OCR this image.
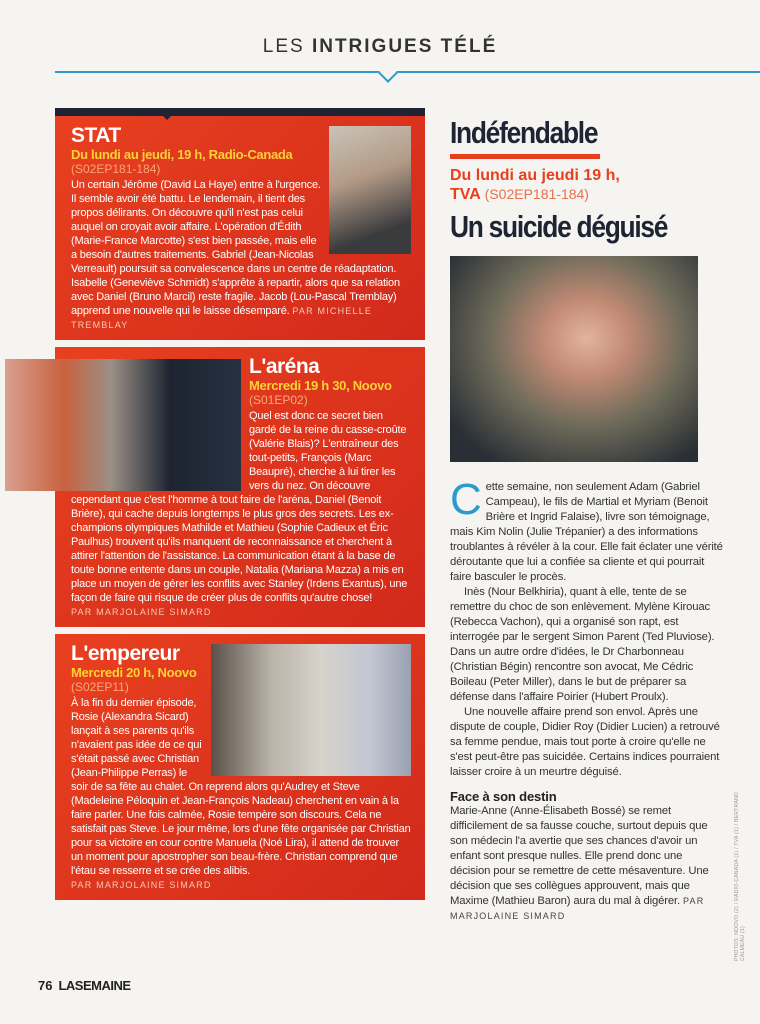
LES INTRIGUES TÉLÉ
STAT
Du lundi au jeudi, 19 h, Radio-Canada
(S02EP181-184)

Un certain Jérôme (David La Haye) entre à l'urgence. Il semble avoir été battu. Le lendemain, il tient des propos délirants. On découvre qu'il n'est pas celui auquel on croyait avoir affaire. L'opération d'Édith (Marie-France Marcotte) s'est bien passée, mais elle a besoin d'autres traitements. Gabriel (Jean-Nicolas Verreault) poursuit sa convalescence dans un centre de réadaptation. Isabelle (Geneviève Schmidt) s'apprête à repartir, alors que sa relation avec Daniel (Bruno Marcil) reste fragile. Jacob (Lou-Pascal Tremblay) apprend une nouvelle qui le laisse désemparé. PAR MICHELLE TREMBLAY

L'aréna
Mercredi 19 h 30, Noovo
(S01EP02)

Quel est donc ce secret bien gardé de la reine du casse-croûte (Valérie Blais)? L'entraîneur des tout-petits, François (Marc Beaupré), cherche à lui tirer les vers du nez. On découvre cependant que c'est l'homme à tout faire de l'aréna, Daniel (Benoit Brière), qui cache depuis longtemps le plus gros des secrets. Les ex-champions olympiques Mathilde et Mathieu (Sophie Cadieux et Éric Paulhus) trouvent qu'ils manquent de reconnaissance et cherchent à attirer l'attention de l'assistance. La communication étant à la base de toute bonne entente dans un couple, Natalia (Mariana Mazza) a mis en place un moyen de gérer les conflits avec Stanley (Irdens Exantus), une façon de faire qui risque de créer plus de conflits qu'autre chose!
PAR MARJOLAINE SIMARD

L'empereur
Mercredi 20 h, Noovo
(S02EP11)

À la fin du dernier épisode, Rosie (Alexandra Sicard) lançait à ses parents qu'ils n'avaient pas idée de ce qui s'était passé avec Christian (Jean-Philippe Perras) le soir de sa fête au chalet. On reprend alors qu'Audrey et Steve (Madeleine Péloquin et Jean-François Nadeau) cherchent en vain à la faire parler. Une fois calmée, Rosie tempère son discours. Cela ne satisfait pas Steve. Le jour même, lors d'une fête organisée par Christian pour sa victoire en cour contre Manuela (Noé Lira), il attend de trouver un moment pour apostropher son beau-frère. Christian comprend que l'étau se resserre et se crée des alibis.
PAR MARJOLAINE SIMARD

Indéfendable
Du lundi au jeudi 19 h,
TVA (S02EP181-184)
Un suicide déguisé

Cette semaine, non seulement Adam (Gabriel Campeau), le fils de Martial et Myriam (Benoit Brière et Ingrid Falaise), livre son témoignage, mais Kim Nolin (Julie Trépanier) a des informations troublantes à révéler à la cour. Elle fait éclater une vérité déroutante que lui a confiée sa cliente et qui pourrait faire basculer le procès.

Inès (Nour Belkhiria), quant à elle, tente de se remettre du choc de son enlèvement. Mylène Kirouac (Rebecca Vachon), qui a organisé son rapt, est interrogée par le sergent Simon Parent (Ted Pluviose). Dans un autre ordre d'idées, le Dr Charbonneau (Christian Bégin) rencontre son avocat, Me Cédric Boileau (Peter Miller), dans le but de préparer sa défense dans l'affaire Poirier (Hubert Proulx).

Une nouvelle affaire prend son envol. Après une dispute de couple, Didier Roy (Didier Lucien) a retrouvé sa femme pendue, mais tout porte à croire qu'elle ne s'est peut-être pas suicidée. Certains indices pourraient laisser croire à un meurtre déguisé.

Face à son destin

Marie-Anne (Anne-Élisabeth Bossé) se remet difficilement de sa fausse couche, surtout depuis que son médecin l'a avertie que ses chances d'avoir un enfant sont presque nulles. Elle prend donc une décision pour se remettre de cette mésaventure. Une décision que ses collègues approuvent, mais que Maxime (Mathieu Baron) aura du mal à digérer. PAR MARJOLAINE SIMARD	PHOTOS: NOOVO (2) / RADIO-CANADA (1) / TVA (1) / BERTRAND CALMEAU (1)
76 LASEMAINE
